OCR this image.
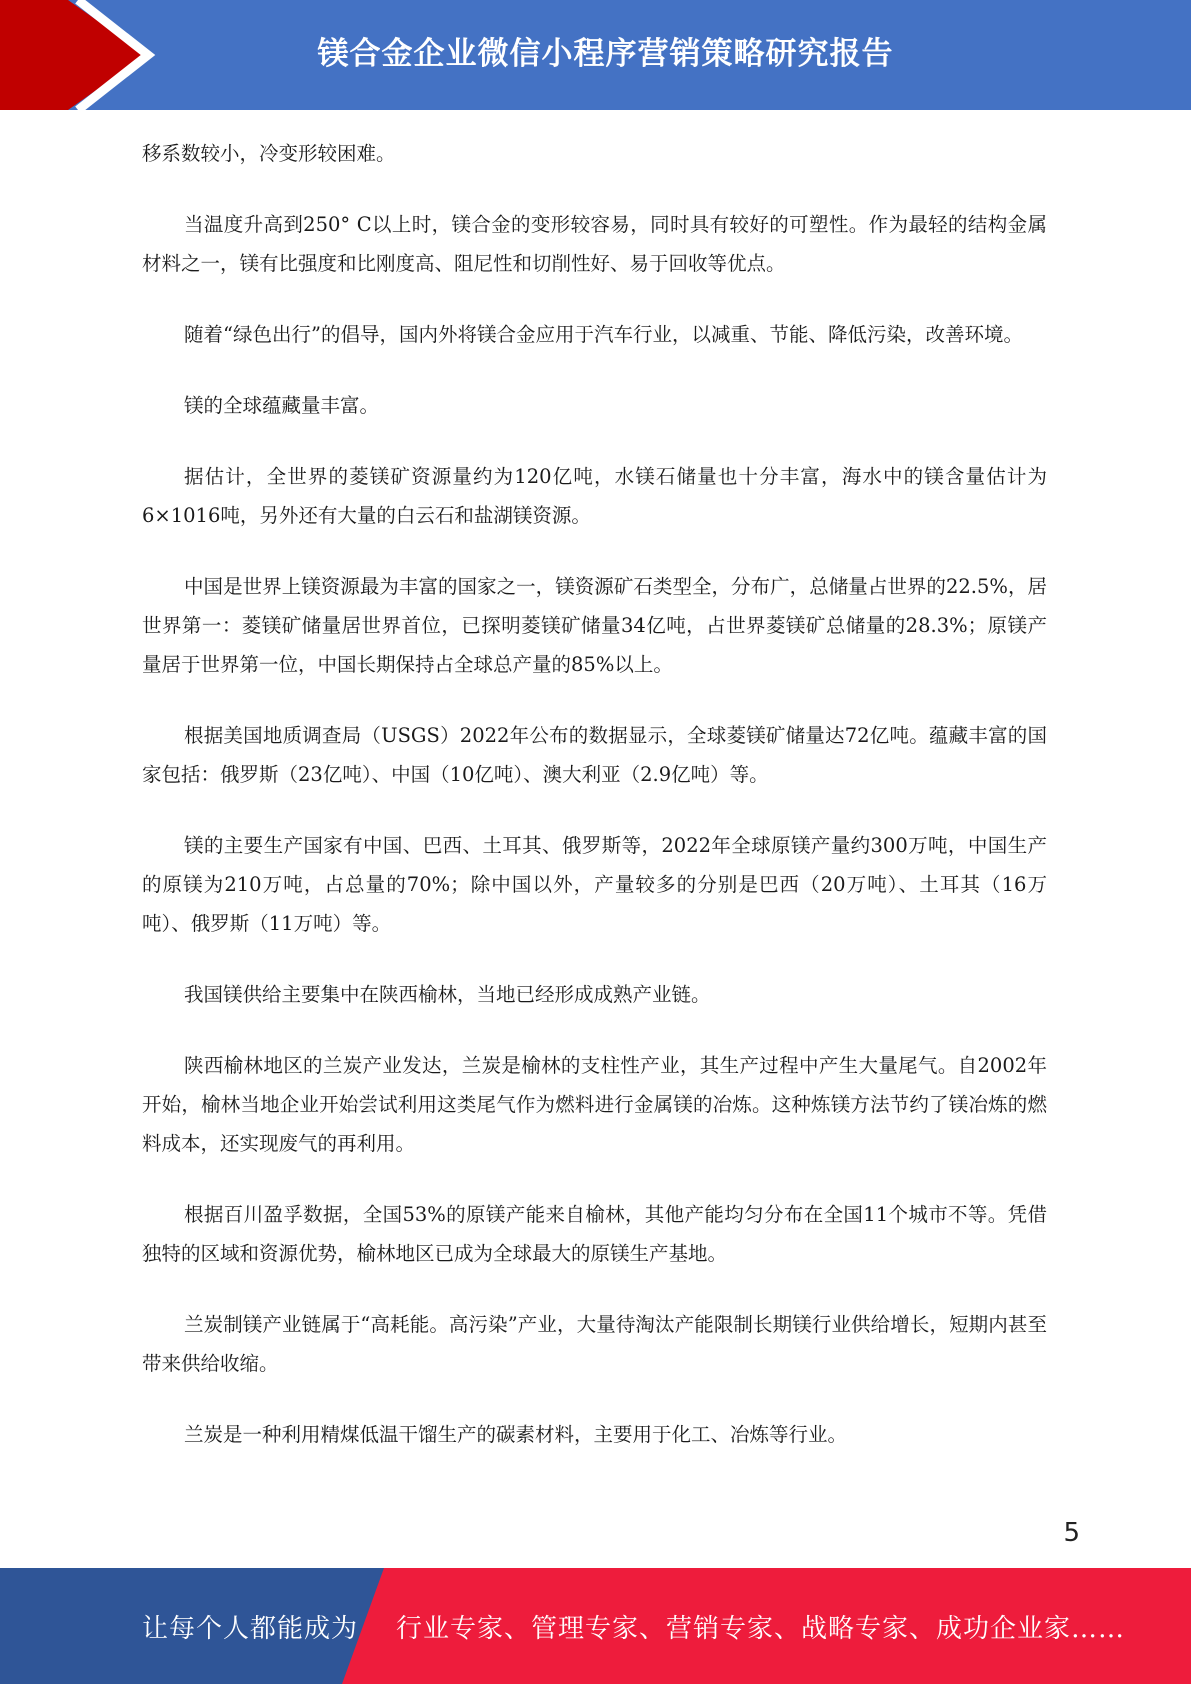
镁合金企业微信小程序营销策略研究报告

移系数较小，冷变形较困难。

当温度升高到250° C以上时，镁合金的变形较容易，同时具有较好的可塑性。作为最轻的结构金属材料之一，镁有比强度和比刚度高、阻尼性和切削性好、易于回收等优点。

随着“绿色出行”的倡导，国内外将镁合金应用于汽车行业，以减重、节能、降低污染，改善环境。

镁的全球蕴藏量丰富。

据估计，全世界的菱镁矿资源量约为120亿吨，水镁石储量也十分丰富，海水中的镁含量估计为6×1016吨，另外还有大量的白云石和盐湖镁资源。

中国是世界上镁资源最为丰富的国家之一，镁资源矿石类型全，分布广，总储量占世界的22.5%，居世界第一：菱镁矿储量居世界首位，已探明菱镁矿储量34亿吨，占世界菱镁矿总储量的28.3%；原镁产量居于世界第一位，中国长期保持占全球总产量的85%以上。

根据美国地质调查局（USGS）2022年公布的数据显示，全球菱镁矿储量达72亿吨。蕴藏丰富的国家包括：俄罗斯（23亿吨）、中国（10亿吨）、澳大利亚（2.9亿吨）等。

镁的主要生产国家有中国、巴西、土耳其、俄罗斯等，2022年全球原镁产量约300万吨，中国生产的原镁为210万吨，占总量的70%；除中国以外，产量较多的分别是巴西（20万吨）、土耳其（16万吨）、俄罗斯（11万吨）等。

我国镁供给主要集中在陕西榆林，当地已经形成成熟产业链。

陕西榆林地区的兰炭产业发达，兰炭是榆林的支柱性产业，其生产过程中产生大量尾气。自2002年开始，榆林当地企业开始尝试利用这类尾气作为燃料进行金属镁的冶炼。这种炼镁方法节约了镁冶炼的燃料成本，还实现废气的再利用。

根据百川盈孚数据，全国53%的原镁产能来自榆林，其他产能均匀分布在全国11个城市不等。凭借独特的区域和资源优势，榆林地区已成为全球最大的原镁生产基地。

兰炭制镁产业链属于“高耗能。高污染”产业，大量待淘汰产能限制长期镁行业供给增长，短期内甚至带来供给收缩。

兰炭是一种利用精煤低温干馏生产的碳素材料，主要用于化工、冶炼等行业。

5
让每个人都能成为 行业专家、管理专家、营销专家、战略专家、成功企业家……
